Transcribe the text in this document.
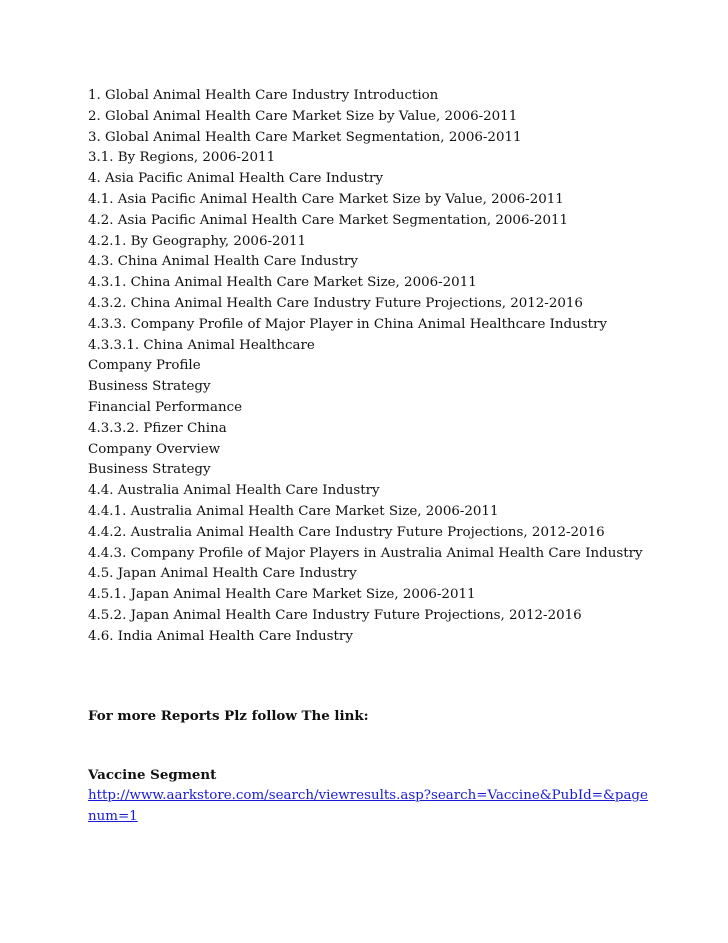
1. Global Animal Health Care Industry Introduction
2. Global Animal Health Care Market Size by Value, 2006-2011
3. Global Animal Health Care Market Segmentation, 2006-2011
3.1. By Regions, 2006-2011
4. Asia Pacific Animal Health Care Industry
4.1. Asia Pacific Animal Health Care Market Size by Value, 2006-2011
4.2. Asia Pacific Animal Health Care Market Segmentation, 2006-2011
4.2.1. By Geography, 2006-2011
4.3. China Animal Health Care Industry
4.3.1. China Animal Health Care Market Size, 2006-2011
4.3.2. China Animal Health Care Industry Future Projections, 2012-2016
4.3.3. Company Profile of Major Player in China Animal Healthcare Industry
4.3.3.1. China Animal Healthcare
Company Profile
Business Strategy
Financial Performance
4.3.3.2. Pfizer China
Company Overview
Business Strategy
4.4. Australia Animal Health Care Industry
4.4.1. Australia Animal Health Care Market Size, 2006-2011
4.4.2. Australia Animal Health Care Industry Future Projections, 2012-2016
4.4.3. Company Profile of Major Players in Australia Animal Health Care Industry
4.5. Japan Animal Health Care Industry
4.5.1. Japan Animal Health Care Market Size, 2006-2011
4.5.2. Japan Animal Health Care Industry Future Projections, 2012-2016
4.6. India Animal Health Care Industry
For more Reports Plz follow The link:
Vaccine Segment
http://www.aarkstore.com/search/viewresults.asp?search=Vaccine&PubId=&pagenum=1
